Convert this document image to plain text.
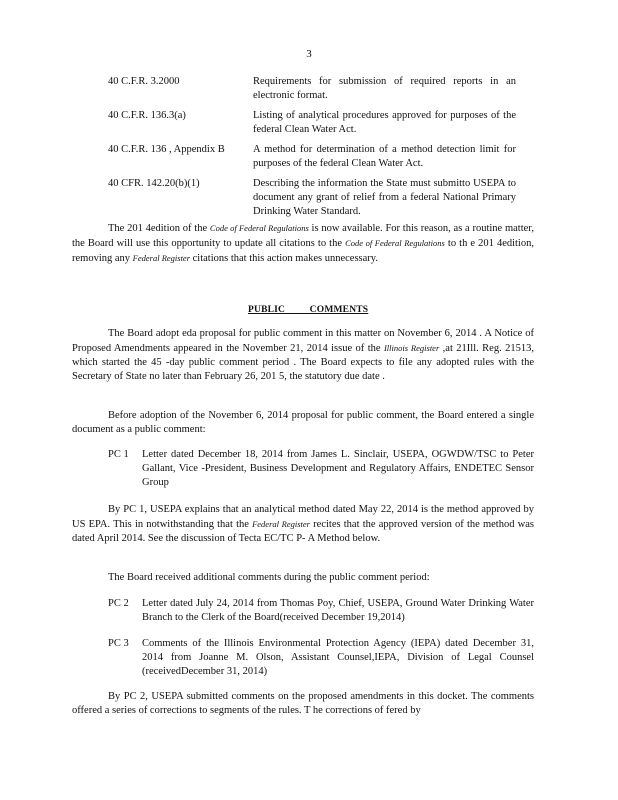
3
40 C.F.R. 3.2000	Requirements for submission of required reports in an electronic format.
40 C.F.R. 136.3(a)	Listing of analytical procedures approved for purposes of the federal Clean Water Act.
40 C.F.R. 136 , Appendix B	A method for determination of a method detection limit for purposes of the federal Clean Water Act.
40 CFR. 142.20(b)(1)	Describing the information the State must submitto USEPA to document any grant of relief from a federal National Primary Drinking Water Standard.

The 201 4edition of the Code of Federal Regulations is now available. For this reason, as a routine matter, the Board will use this opportunity to update all citations to the Code of Federal Regulations to th e 201 4edition, removing any Federal Register citations that this action makes unnecessary.

PUBLIC COMMENTS

The Board adopt eda proposal for public comment in this matter on November 6, 2014 . A Notice of Proposed Amendments appeared in the November 21, 2014 issue of the Illinois Register ,at 21Ill. Reg. 21513, which started the 45 -day public comment period . The Board expects to file any adopted rules with the Secretary of State no later than February 26, 201 5, the statutory due date .

Before adoption of the November 6, 2014 proposal for public comment, the Board entered a single document as a public comment:

PC 1	Letter dated December 18, 2014 from James L. Sinclair, USEPA, OGWDW/TSC to Peter Gallant, Vice -President, Business Development and Regulatory Affairs, ENDETEC Sensor Group

By PC 1, USEPA explains that an analytical method dated May 22, 2014 is the method approved by US EPA. This in notwithstanding that the Federal Register recites that the approved version of the method was dated April 2014. See the discussion of Tecta EC/TC P- A Method below.

The Board received additional comments during the public comment period:

PC 2	Letter dated July 24, 2014 from Thomas Poy, Chief, USEPA, Ground Water Drinking Water Branch to the Clerk of the Board(received December 19,2014)
PC 3	Comments of the Illinois Environmental Protection Agency (IEPA) dated December 31, 2014 from Joanne M. Olson, Assistant Counsel,IEPA, Division of Legal Counsel (receivedDecember 31, 2014)

By PC 2, USEPA submitted comments on the proposed amendments in this docket. The comments offered a series of corrections to segments of the rules. T he corrections of fered by
